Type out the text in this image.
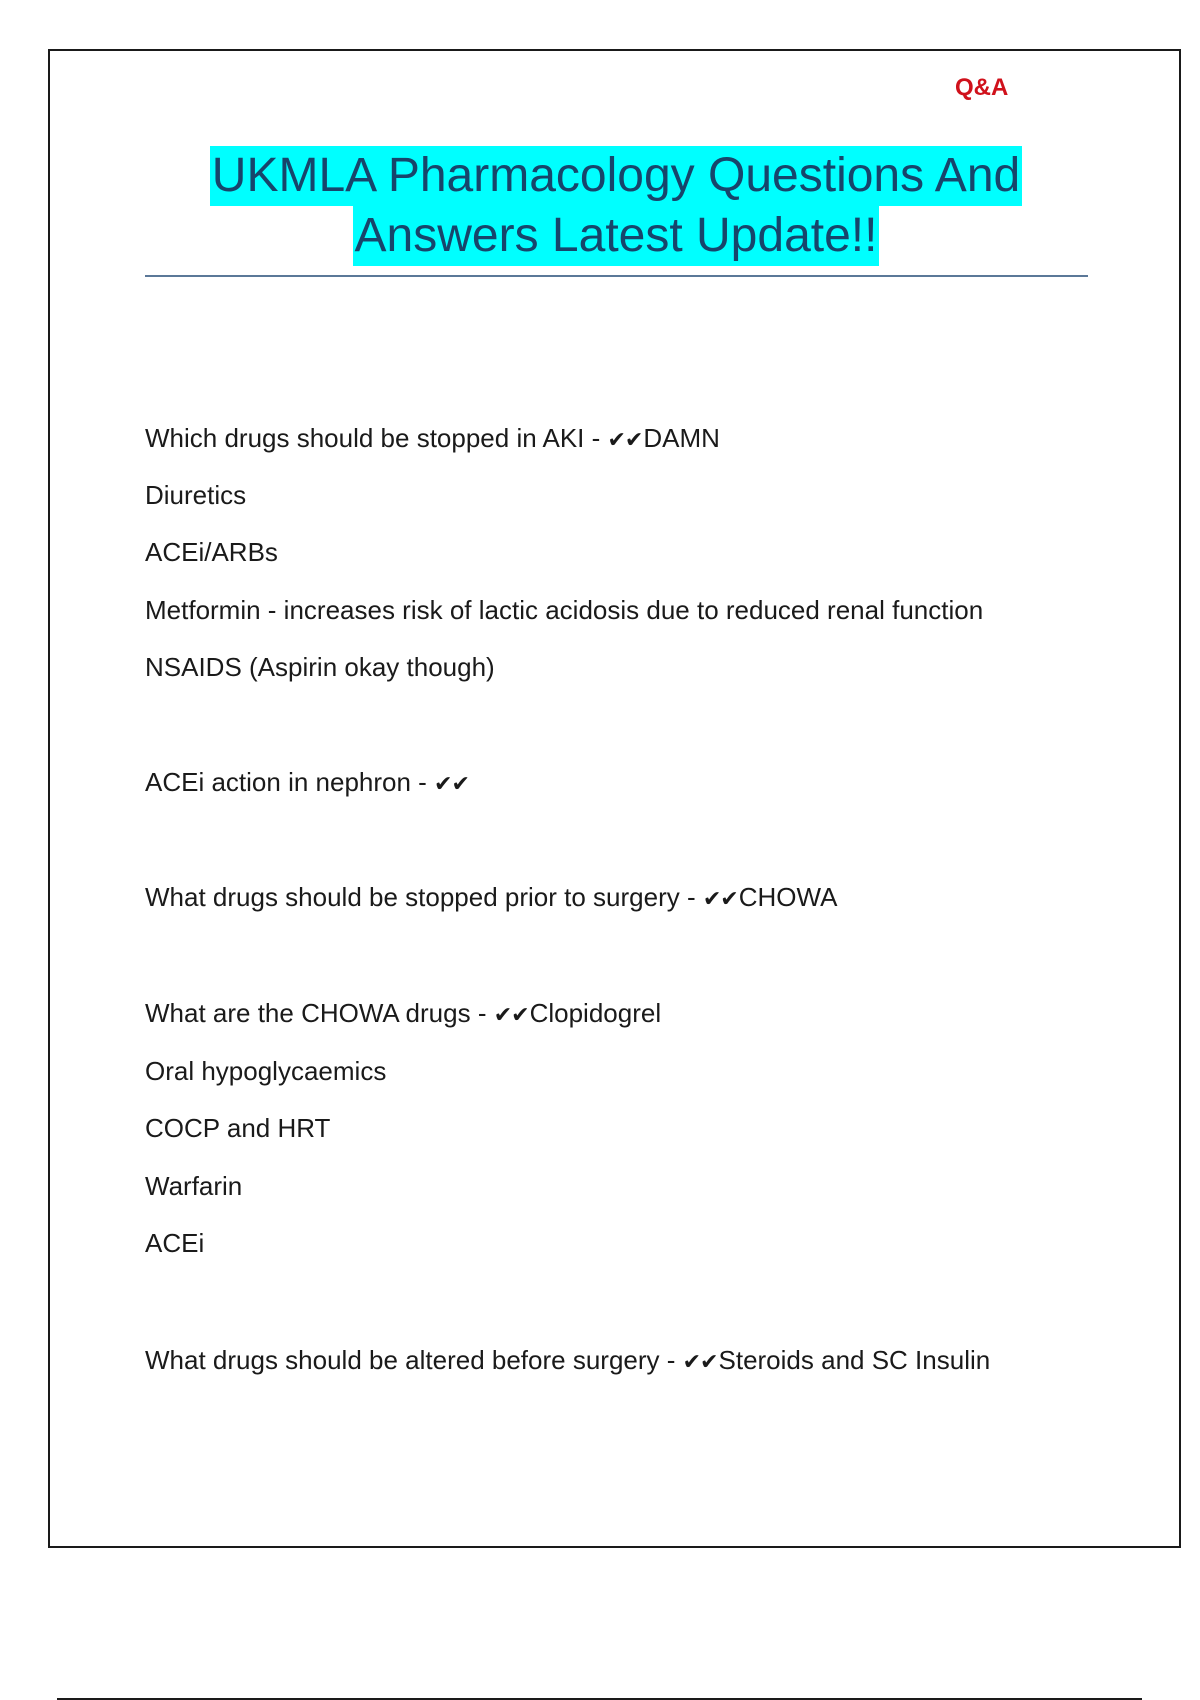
Q&A
UKMLA Pharmacology Questions And
Answers Latest Update!!
Which drugs should be stopped in AKI - ✔✔DAMN
Diuretics
ACEi/ARBs
Metformin - increases risk of lactic acidosis due to reduced renal function
NSAIDS (Aspirin okay though)
ACEi action in nephron - ✔✔
What drugs should be stopped prior to surgery - ✔✔CHOWA
What are the CHOWA drugs - ✔✔Clopidogrel
Oral hypoglycaemics
COCP and HRT
Warfarin
ACEi
What drugs should be altered before surgery - ✔✔Steroids and SC Insulin
